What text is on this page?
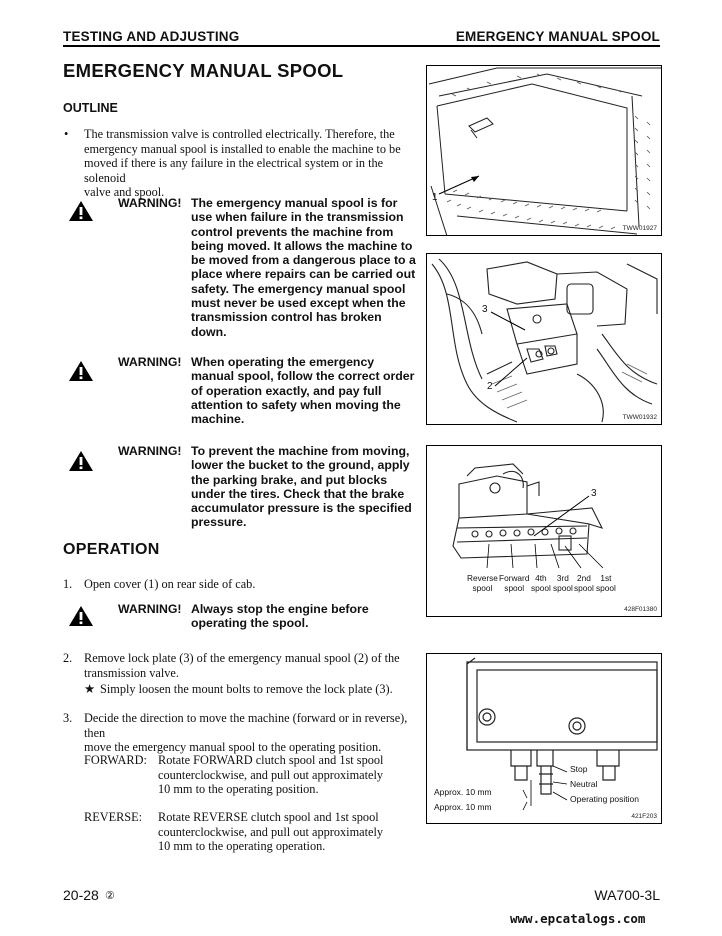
TESTING AND ADJUSTING	EMERGENCY MANUAL SPOOL
EMERGENCY MANUAL SPOOL
OUTLINE
• The transmission valve is controlled electrically. Therefore, the
emergency manual spool is installed to enable the machine to be
moved if there is any failure in the electrical system or in the solenoid
valve and spool.
WARNING! The emergency manual spool is for
use when failure in the transmission
control prevents the machine from
being moved. It allows the machine to
be moved from a dangerous place to a
place where repairs can be carried out
safety. The emergency manual spool
must never be used except when the
transmission control has broken
down.
WARNING! When operating the emergency
manual spool, follow the correct order
of operation exactly, and pay full
attention to safety when moving the
machine.
WARNING! To prevent the machine from moving,
lower the bucket to the ground, apply
the parking brake, and put blocks
under the tires. Check that the brake
accumulator pressure is the specified
pressure.
OPERATION
1. Open cover (1) on rear side of cab.
WARNING! Always stop the engine before
operating the spool.
2. Remove lock plate (3) of the emergency manual spool (2) of the
transmission valve.
★ Simply loosen the mount bolts to remove the lock plate (3).
3. Decide the direction to move the machine (forward or in reverse), then
move the emergency manual spool to the operating position.
FORWARD: Rotate FORWARD clutch spool and 1st spool
counterclockwise, and pull out approximately
10 mm to the operating position.
REVERSE: Rotate REVERSE clutch spool and 1st spool
counterclockwise, and pull out approximately
10 mm to the operating operation.
1
TWW01927
3
2
TWW01932
3
Reverse
spool
Forward
spool
4th
spool
3rd
spool
2nd
spool
1st
spool
428F01380
Stop
Neutral
Operating position
Approx. 10 mm
Approx. 10 mm
421F203
20-28 ②	WA700-3L
www.epcatalogs.com
